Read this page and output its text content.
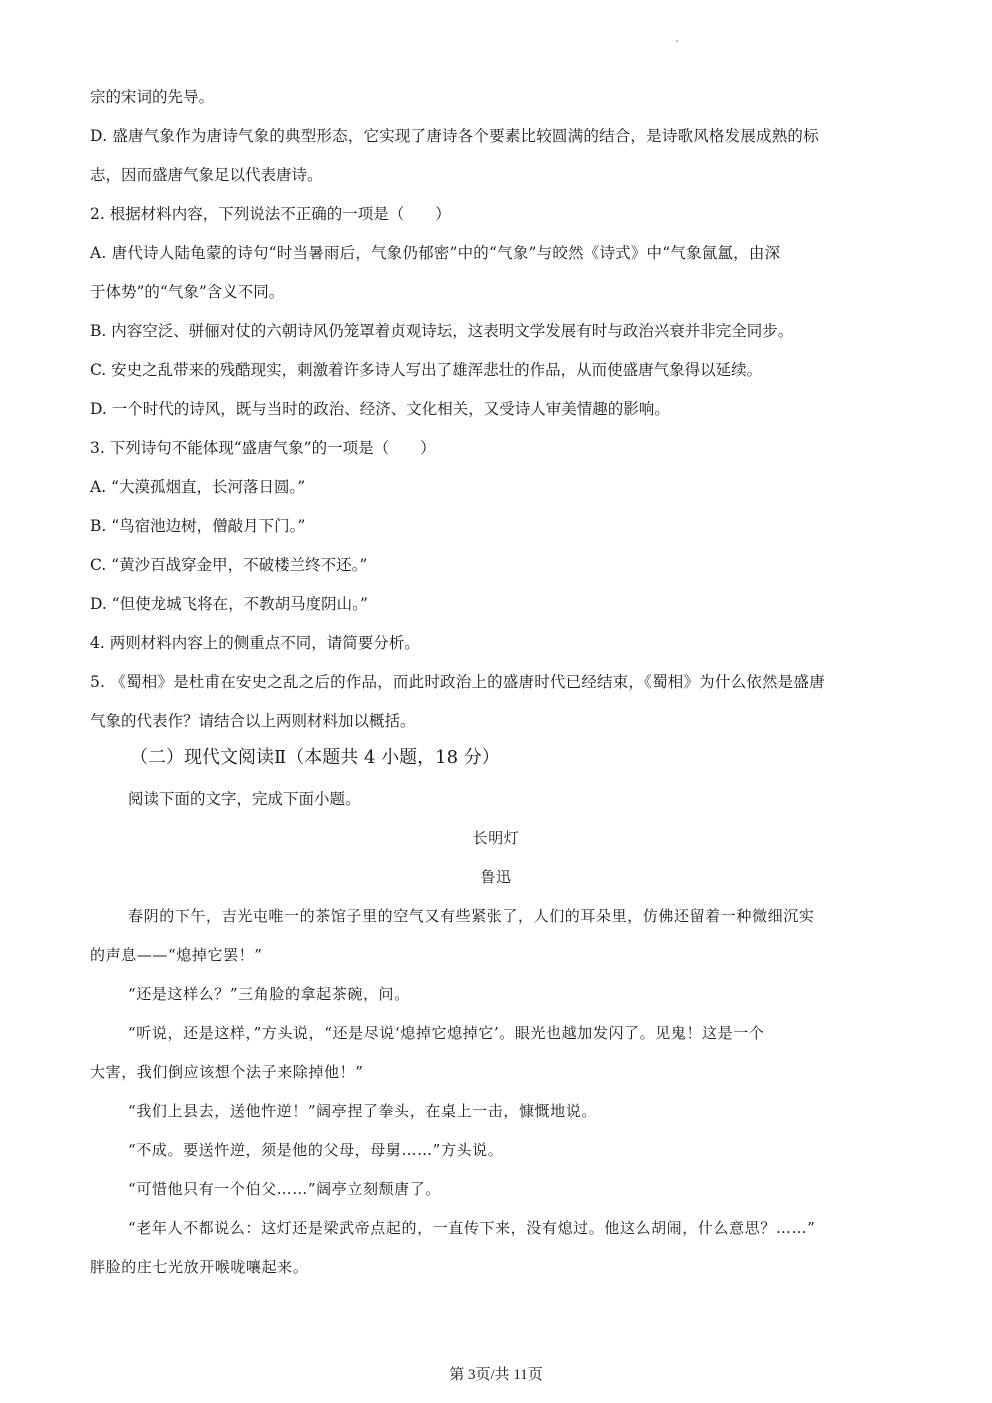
宗的宋词的先导。
D. 盛唐气象作为唐诗气象的典型形态，它实现了唐诗各个要素比较圆满的结合，是诗歌风格发展成熟的标
志，因而盛唐气象足以代表唐诗。
2. 根据材料内容，下列说法不正确的一项是（　　）
A. 唐代诗人陆龟蒙的诗句“时当暑雨后，气象仍郁密”中的“气象”与皎然《诗式》中“气象氤氲，由深
于体势”的“气象”含义不同。
B. 内容空泛、骈俪对仗的六朝诗风仍笼罩着贞观诗坛，这表明文学发展有时与政治兴衰并非完全同步。
C. 安史之乱带来的残酷现实，刺激着许多诗人写出了雄浑悲壮的作品，从而使盛唐气象得以延续。
D. 一个时代的诗风，既与当时的政治、经济、文化相关，又受诗人审美情趣的影响。
3. 下列诗句不能体现“盛唐气象”的一项是（　　）
A. “大漠孤烟直，长河落日圆。”
B. “鸟宿池边树，僧敲月下门。”
C. “黄沙百战穿金甲，不破楼兰终不还。”
D. “但使龙城飞将在，不教胡马度阴山。”
4. 两则材料内容上的侧重点不同，请简要分析。
5. 《蜀相》是杜甫在安史之乱之后的作品，而此时政治上的盛唐时代已经结束，《蜀相》为什么依然是盛唐
气象的代表作？请结合以上两则材料加以概括。
（二）现代文阅读Ⅱ（本题共 4 小题，18 分）
阅读下面的文字，完成下面小题。
长明灯
鲁迅
春阴的下午，吉光屯唯一的茶馆子里的空气又有些紧张了，人们的耳朵里，仿佛还留着一种微细沉实
的声息——“熄掉它罢！”
“还是这样么？”三角脸的拿起茶碗，问。
“听说，还是这样，”方头说，“还是尽说‘熄掉它熄掉它’。眼光也越加发闪了。见鬼！这是一个
大害，我们倒应该想个法子来除掉他！”
“我们上县去，送他忤逆！”阔亭捏了拳头，在桌上一击，慷慨地说。
“不成。要送忤逆，须是他的父母，母舅……”方头说。
“可惜他只有一个伯父……”阔亭立刻颓唐了。
“老年人不都说么：这灯还是梁武帝点起的，一直传下来，没有熄过。他这么胡闹，什么意思？……”
胖脸的庄七光放开喉咙嚷起来。
第 3页/共 11页
